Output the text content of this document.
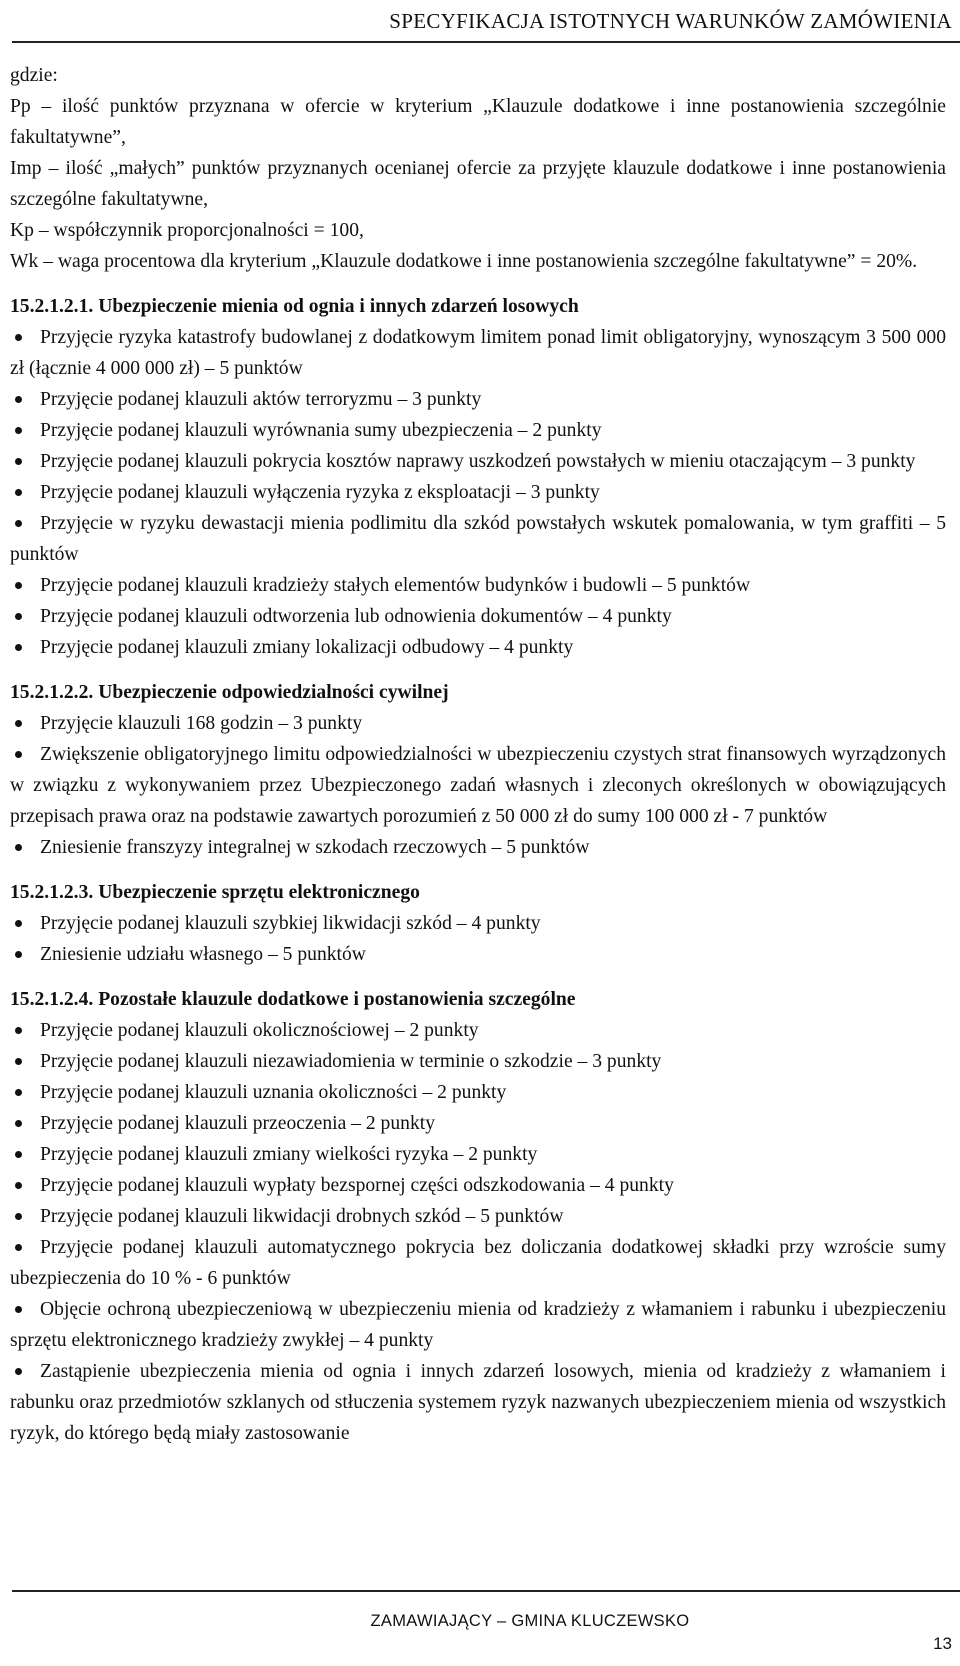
SPECYFIKACJA ISTOTNYCH WARUNKÓW ZAMÓWIENIA

gdzie:

Pp – ilość punktów przyznana w ofercie w kryterium „Klauzule dodatkowe i inne postanowienia szczególnie fakultatywne”,

Imp – ilość „małych” punktów przyznanych ocenianej ofercie za przyjęte klauzule dodatkowe i inne postanowienia szczególne fakultatywne,

Kp – współczynnik proporcjonalności = 100,

Wk – waga procentowa dla kryterium „Klauzule dodatkowe i inne postanowienia szczególne fakultatywne” = 20%.

15.2.1.2.1. Ubezpieczenie mienia od ognia i innych zdarzeń losowych

Przyjęcie ryzyka katastrofy budowlanej z dodatkowym limitem ponad limit obligatoryjny, wynoszącym 3 500 000 zł (łącznie 4 000 000 zł) – 5 punktów
Przyjęcie podanej klauzuli aktów terroryzmu – 3 punkty
Przyjęcie podanej klauzuli wyrównania sumy ubezpieczenia – 2 punkty
Przyjęcie podanej klauzuli pokrycia kosztów naprawy uszkodzeń powstałych w mieniu otaczającym – 3 punkty
Przyjęcie podanej klauzuli wyłączenia ryzyka z eksploatacji – 3 punkty
Przyjęcie w ryzyku dewastacji mienia podlimitu dla szkód powstałych wskutek pomalowania, w tym graffiti – 5 punktów
Przyjęcie podanej klauzuli kradzieży stałych elementów budynków i budowli – 5 punktów
Przyjęcie podanej klauzuli odtworzenia lub odnowienia dokumentów – 4 punkty
Przyjęcie podanej klauzuli zmiany lokalizacji odbudowy – 4 punkty

15.2.1.2.2. Ubezpieczenie odpowiedzialności cywilnej

Przyjęcie klauzuli 168 godzin – 3 punkty
Zwiększenie obligatoryjnego limitu odpowiedzialności w ubezpieczeniu czystych strat finansowych wyrządzonych w związku z wykonywaniem przez Ubezpieczonego zadań własnych i zleconych określonych w obowiązujących przepisach prawa oraz na podstawie zawartych porozumień z 50 000 zł do sumy 100 000 zł - 7 punktów
Zniesienie franszyzy integralnej w szkodach rzeczowych – 5 punktów

15.2.1.2.3. Ubezpieczenie sprzętu elektronicznego

Przyjęcie podanej klauzuli szybkiej likwidacji szkód – 4 punkty
Zniesienie udziału własnego – 5 punktów

15.2.1.2.4. Pozostałe klauzule dodatkowe i postanowienia szczególne

Przyjęcie podanej klauzuli okolicznościowej – 2 punkty
Przyjęcie podanej klauzuli niezawiadomienia w terminie o szkodzie – 3 punkty
Przyjęcie podanej klauzuli uznania okoliczności – 2 punkty
Przyjęcie podanej klauzuli przeoczenia – 2 punkty
Przyjęcie podanej klauzuli zmiany wielkości ryzyka – 2 punkty
Przyjęcie podanej klauzuli wypłaty bezspornej części odszkodowania – 4 punkty
Przyjęcie podanej klauzuli likwidacji drobnych szkód – 5 punktów
Przyjęcie podanej klauzuli automatycznego pokrycia bez doliczania dodatkowej składki przy wzroście sumy ubezpieczenia do 10 % - 6 punktów
Objęcie ochroną ubezpieczeniową w ubezpieczeniu mienia od kradzieży z włamaniem i rabunku i ubezpieczeniu sprzętu elektronicznego kradzieży zwykłej – 4 punkty
Zastąpienie ubezpieczenia mienia od ognia i innych zdarzeń losowych, mienia od kradzieży z włamaniem i rabunku oraz przedmiotów szklanych od stłuczenia systemem ryzyk nazwanych ubezpieczeniem mienia od wszystkich ryzyk, do którego będą miały zastosowanie
ZAMAWIAJĄCY – GMINA KLUCZEWSKO
13
